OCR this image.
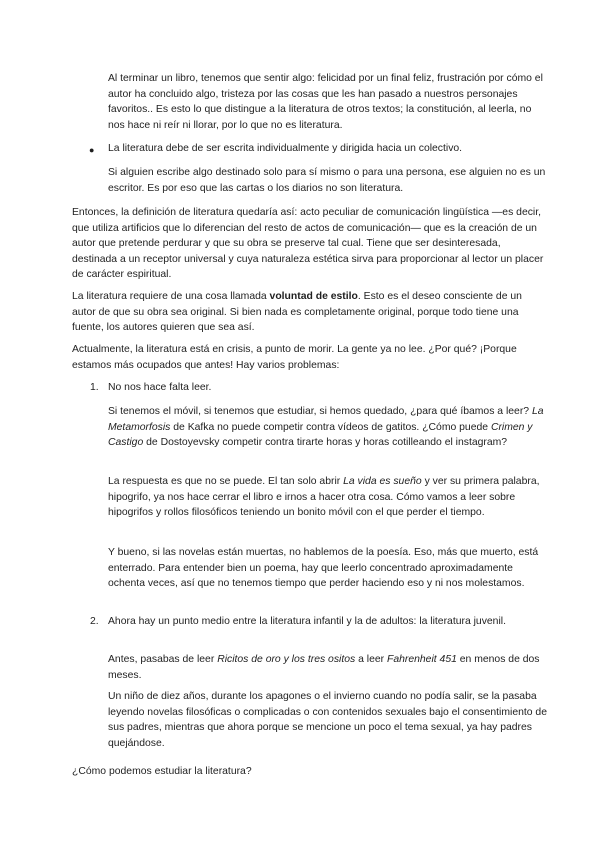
Al terminar un libro, tenemos que sentir algo: felicidad por un final feliz, frustración por cómo el autor ha concluido algo, tristeza por las cosas que les han pasado a nuestros personajes favoritos.. Es esto lo que distingue a la literatura de otros textos; la constitución, al leerla, no nos hace ni reír ni llorar, por lo que no es literatura.

● La literatura debe de ser escrita individualmente y dirigida hacia un colectivo.

Si alguien escribe algo destinado solo para sí mismo o para una persona, ese alguien no es un escritor. Es por eso que las cartas o los diarios no son literatura.

Entonces, la definición de literatura quedaría así: acto peculiar de comunicación lingüística —es decir, que utiliza artificios que lo diferencian del resto de actos de comunicación— que es la creación de un autor que pretende perdurar y que su obra se preserve tal cual. Tiene que ser desinteresada, destinada a un receptor universal y cuya naturaleza estética sirva para proporcionar al lector un placer de carácter espiritual.

La literatura requiere de una cosa llamada voluntad de estilo. Esto es el deseo consciente de un autor de que su obra sea original. Si bien nada es completamente original, porque todo tiene una fuente, los autores quieren que sea así.

Actualmente, la literatura está en crisis, a punto de morir. La gente ya no lee. ¿Por qué? ¡Porque estamos más ocupados que antes! Hay varios problemas:

1. No nos hace falta leer.

Si tenemos el móvil, si tenemos que estudiar, si hemos quedado, ¿para qué íbamos a leer? La Metamorfosis de Kafka no puede competir contra vídeos de gatitos. ¿Cómo puede Crimen y Castigo de Dostoyevsky competir contra tirarte horas y horas cotilleando el instagram?

La respuesta es que no se puede. El tan solo abrir La vida es sueño y ver su primera palabra, hipogrifo, ya nos hace cerrar el libro e irnos a hacer otra cosa. Cómo vamos a leer sobre hipogrifos y rollos filosóficos teniendo un bonito móvil con el que perder el tiempo.

Y bueno, si las novelas están muertas, no hablemos de la poesía. Eso, más que muerto, está enterrado. Para entender bien un poema, hay que leerlo concentrado aproximadamente ochenta veces, así que no tenemos tiempo que perder haciendo eso y ni nos molestamos.

2. Ahora hay un punto medio entre la literatura infantil y la de adultos: la literatura juvenil.

Antes, pasabas de leer Ricitos de oro y los tres ositos a leer Fahrenheit 451 en menos de dos meses.

Un niño de diez años, durante los apagones o el invierno cuando no podía salir, se la pasaba leyendo novelas filosóficas o complicadas o con contenidos sexuales bajo el consentimiento de sus padres, mientras que ahora porque se mencione un poco el tema sexual, ya hay padres quejándose.

¿Cómo podemos estudiar la literatura?
